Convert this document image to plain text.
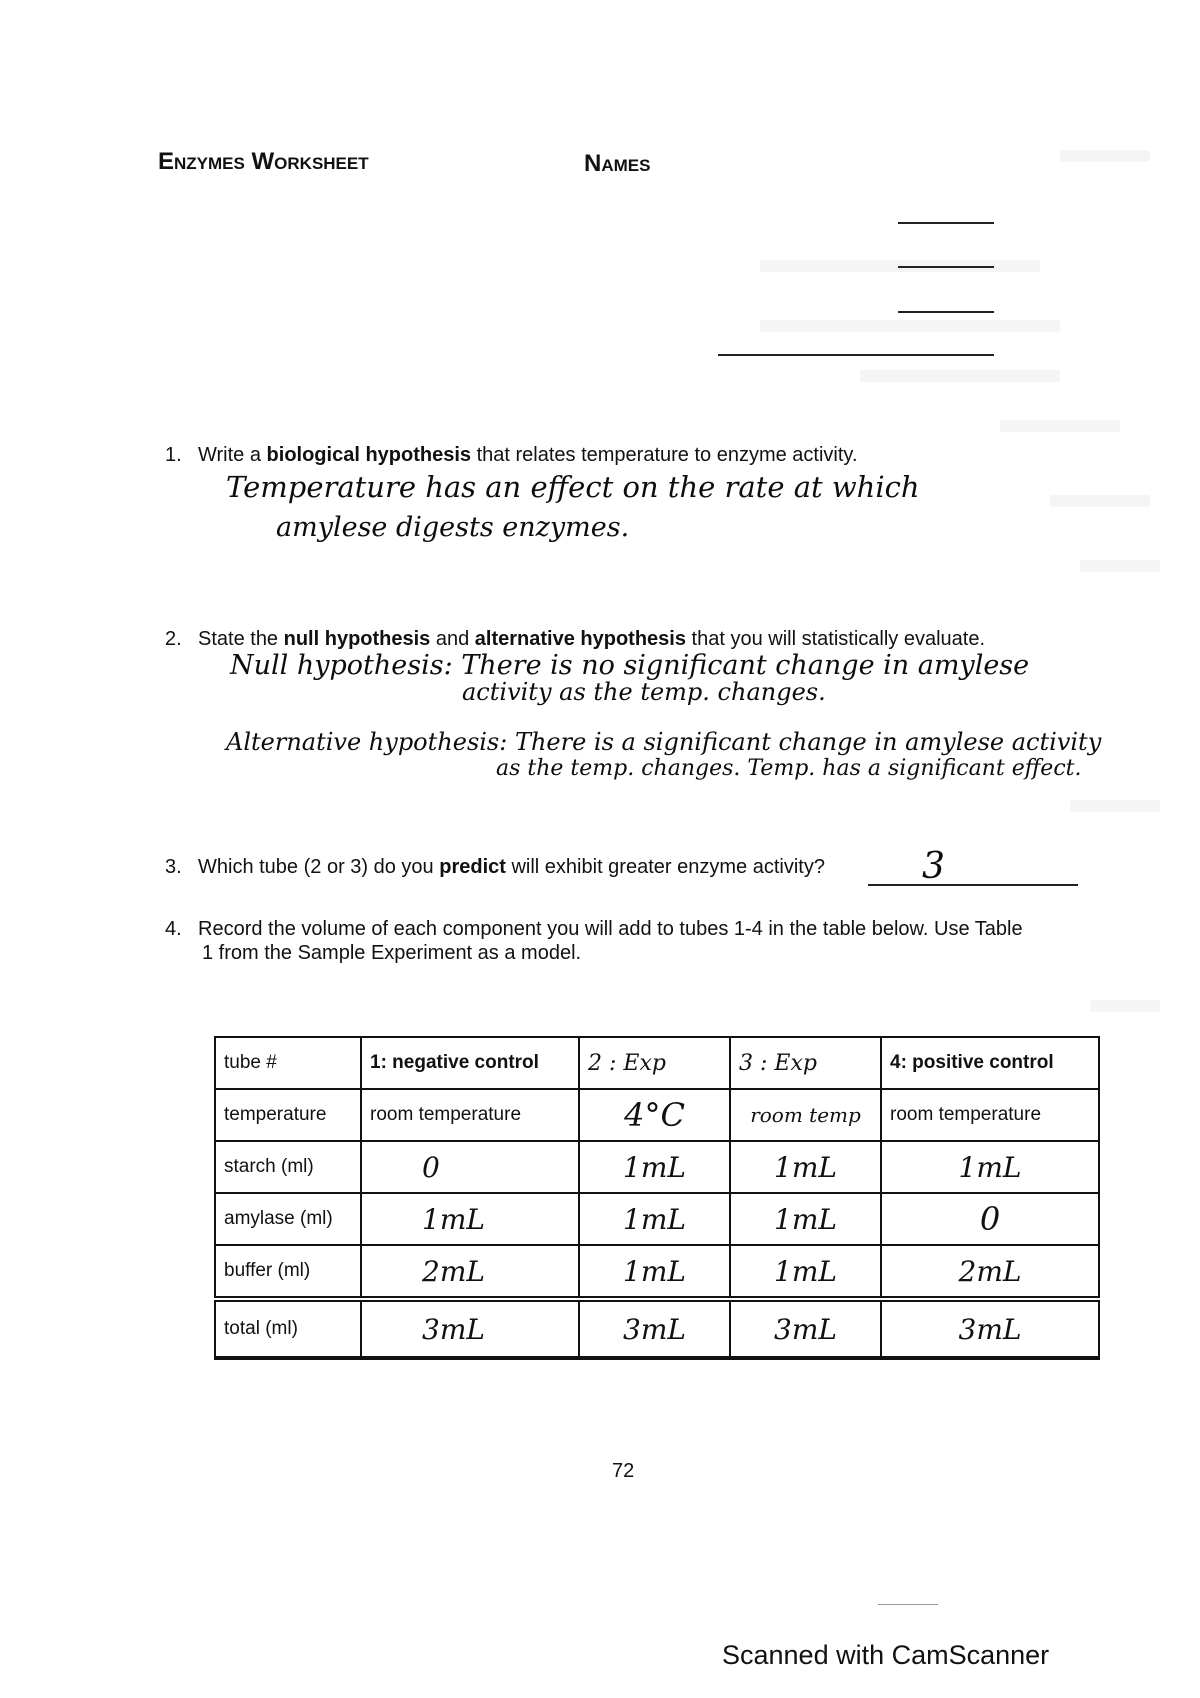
Enzymes Worksheet	Names
1. Write a biological hypothesis that relates temperature to enzyme activity.
Temperature has an effect on the rate at which
amylese digests enzymes.
2. State the null hypothesis and alternative hypothesis that you will statistically evaluate.
Null hypothesis: There is no significant change in amylese
activity as the temp. changes.
Alternative hypothesis: There is a significant change in amylese activity
as the temp. changes. Temp. has a significant effect.
3. Which tube (2 or 3) do you predict will exhibit greater enzyme activity?	3
4. Record the volume of each component you will add to tubes 1-4 in the table below. Use Table
1 from the Sample Experiment as a model.
tube #	1: negative control	2 : Exp	3 : Exp	4: positive control
temperature	room temperature	4°C	room temp	room temperature
starch (ml)	0	1mL	1mL	1mL
amylase (ml)	1mL	1mL	1mL	0
buffer (ml)	2mL	1mL	1mL	2mL
total (ml)	3mL	3mL	3mL	3mL
72
Scanned with CamScanner
